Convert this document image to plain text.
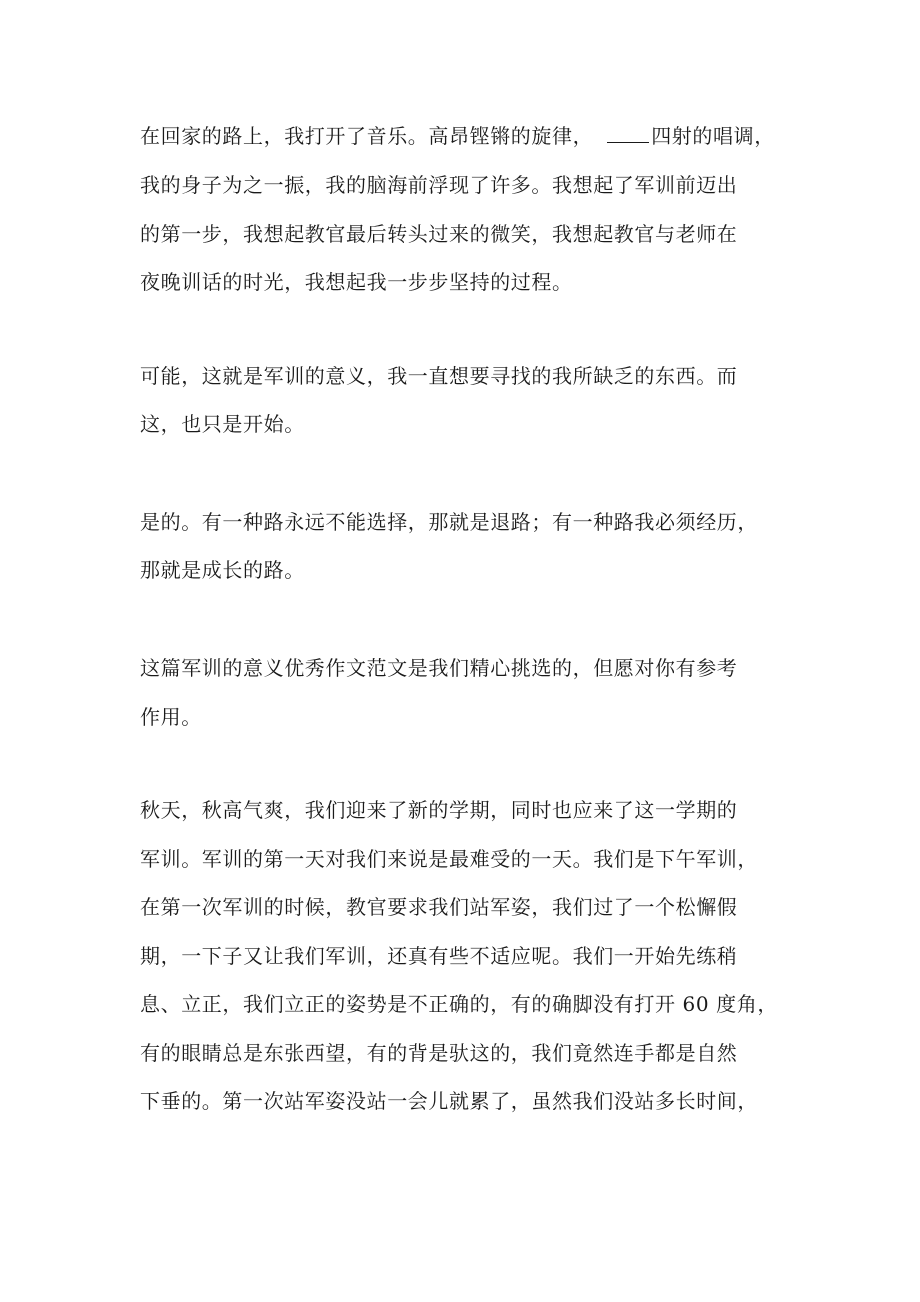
在回家的路上，我打开了音乐。高昂铿锵的旋律，	四射的唱调，
我的身子为之一振，我的脑海前浮现了许多。我想起了军训前迈出
的第一步，我想起教官最后转头过来的微笑，我想起教官与老师在
夜晚训话的时光，我想起我一步步坚持的过程。
可能，这就是军训的意义，我一直想要寻找的我所缺乏的东西。而
这，也只是开始。
是的。有一种路永远不能选择，那就是退路；有一种路我必须经历，
那就是成长的路。
这篇军训的意义优秀作文范文是我们精心挑选的，但愿对你有参考
作用。
秋天，秋高气爽，我们迎来了新的学期，同时也应来了这一学期的
军训。军训的第一天对我们来说是最难受的一天。我们是下午军训，
在第一次军训的时候，教官要求我们站军姿，我们过了一个松懈假
期，一下子又让我们军训，还真有些不适应呢。我们一开始先练稍
息、立正，我们立正的姿势是不正确的，有的确脚没有打开 60 度角，
有的眼睛总是东张西望，有的背是驮这的，我们竟然连手都是自然
下垂的。第一次站军姿没站一会儿就累了，虽然我们没站多长时间，
